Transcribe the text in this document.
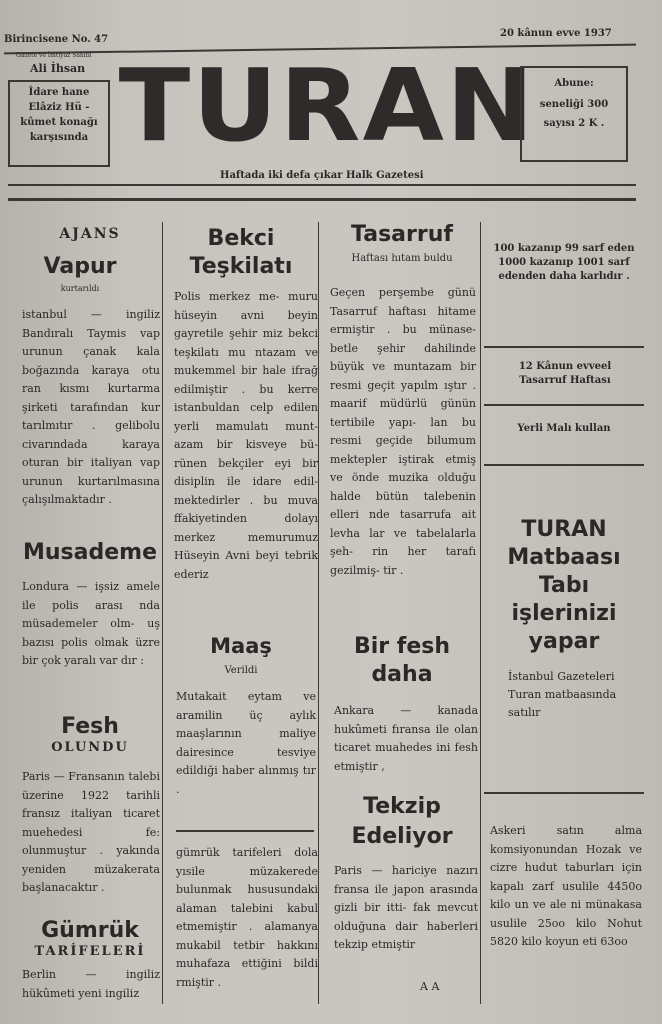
Birincisene No. 47
20 kânun evve 1937
Gazete ve İmtiyaz Sahibi
Ali İhsan

İdare hane

Elâziz Hü -

kûmet konağı

karşısında TURAN	Abune:

seneliği 300

sayısı 2 K .

Haftada iki defa çıkar Halk Gazetesi
AJANS
Vapur
kurtarıldı
istanbul — ingiliz Bandıralı Taymis vap urunun çanak kala boğazında karaya otu ran kısmı kurtarma şirketi tarafından kur tarılmıtır . gelibolu civarındada karaya oturan bir italiyan vap urunun kurtarılmasına çalışılmaktadır .
Musademe
Londura — işsiz amele ile polis arası nda müsademeler olm- uş bazısı polis olmak üzre bir çok yaralı var dır :
Fesh
OLUNDU
Paris — Fransanın talebi üzerine 1922 tarihli fransız italiyan ticaret muehedesi fe: olunmuştur . yakında yeniden müzakerata başlanacaktır .
Gümrük
TARİFELERİ
Berlin — ingiliz hükûmeti yeni ingiliz
Bekci
Teşkilatı
Polis merkez me- muru hüseyin avni beyin gayretile şehir miz bekci teşkilatı mu ntazam ve mukemmel bir hale ifrağ edilmiştir . bu kerre istanbuldan celp edilen yerli mamulatı munt- azam bir kisveye bü- rünen bekçiler eyi bir disiplin ile idare edil- mektedirler . bu muva ffakiyetinden dolayı merkez memurumuz Hüseyin Avni beyi tebrik ederiz
Maaş
Verildi
Mutakait eytam ve aramilin üç aylık maaşlarının maliye dairesince tesviye edildiği haber alınmış tır .
gümrük tarifeleri dola yısile müzakerede bulunmak hususundaki alaman talebini kabul etmemiştir . alamanya mukabil tetbir hakkını muhafaza ettiğini bildi rmiştir .
Tasarruf
Haftası hıtam buldu
Geçen perşembe günü Tasarruf haftası hitame ermiştir . bu münase- betle şehir dahilinde büyük ve muntazam bir resmi geçit yapılm ıştır . maarif müdürlü günün tertibile yapı- lan bu resmi geçide bilumum mektepler iştirak etmiş ve önde muzika olduğu halde bütün talebenin elleri nde tasarrufa ait levha lar ve tabelalarla şeh- rin her tarafı gezilmiş- tir .
Bir fesh
daha
Ankara — kanada hukûmeti fıransa ile olan ticaret muahedes ini fesh etmiştir ,
Tekzip
Edeliyor
Paris — hariciye nazırı fransa ile japon arasında gizli bir itti- fak mevcut olduğuna dair haberleri tekzip etmiştir
A A
100 kazanıp 99 sarf eden 1000 kazanıp 1001 sarf edenden daha karlıdır .
12 Kânun evveel Tasarruf Haftası
Yerli Malı kullan
TURAN
Matbaası
Tabı
işlerinizi
yapar
İstanbul Gazeteleri Turan matbaasında satılır
Askeri satın alma komsiyonundan Hozak ve cizre hudut taburları için kapalı zarf usulile 4450o kilo un ve ale ni münakasa usulile 25oo kilo Nohut 5820 kilo koyun eti 63oo
